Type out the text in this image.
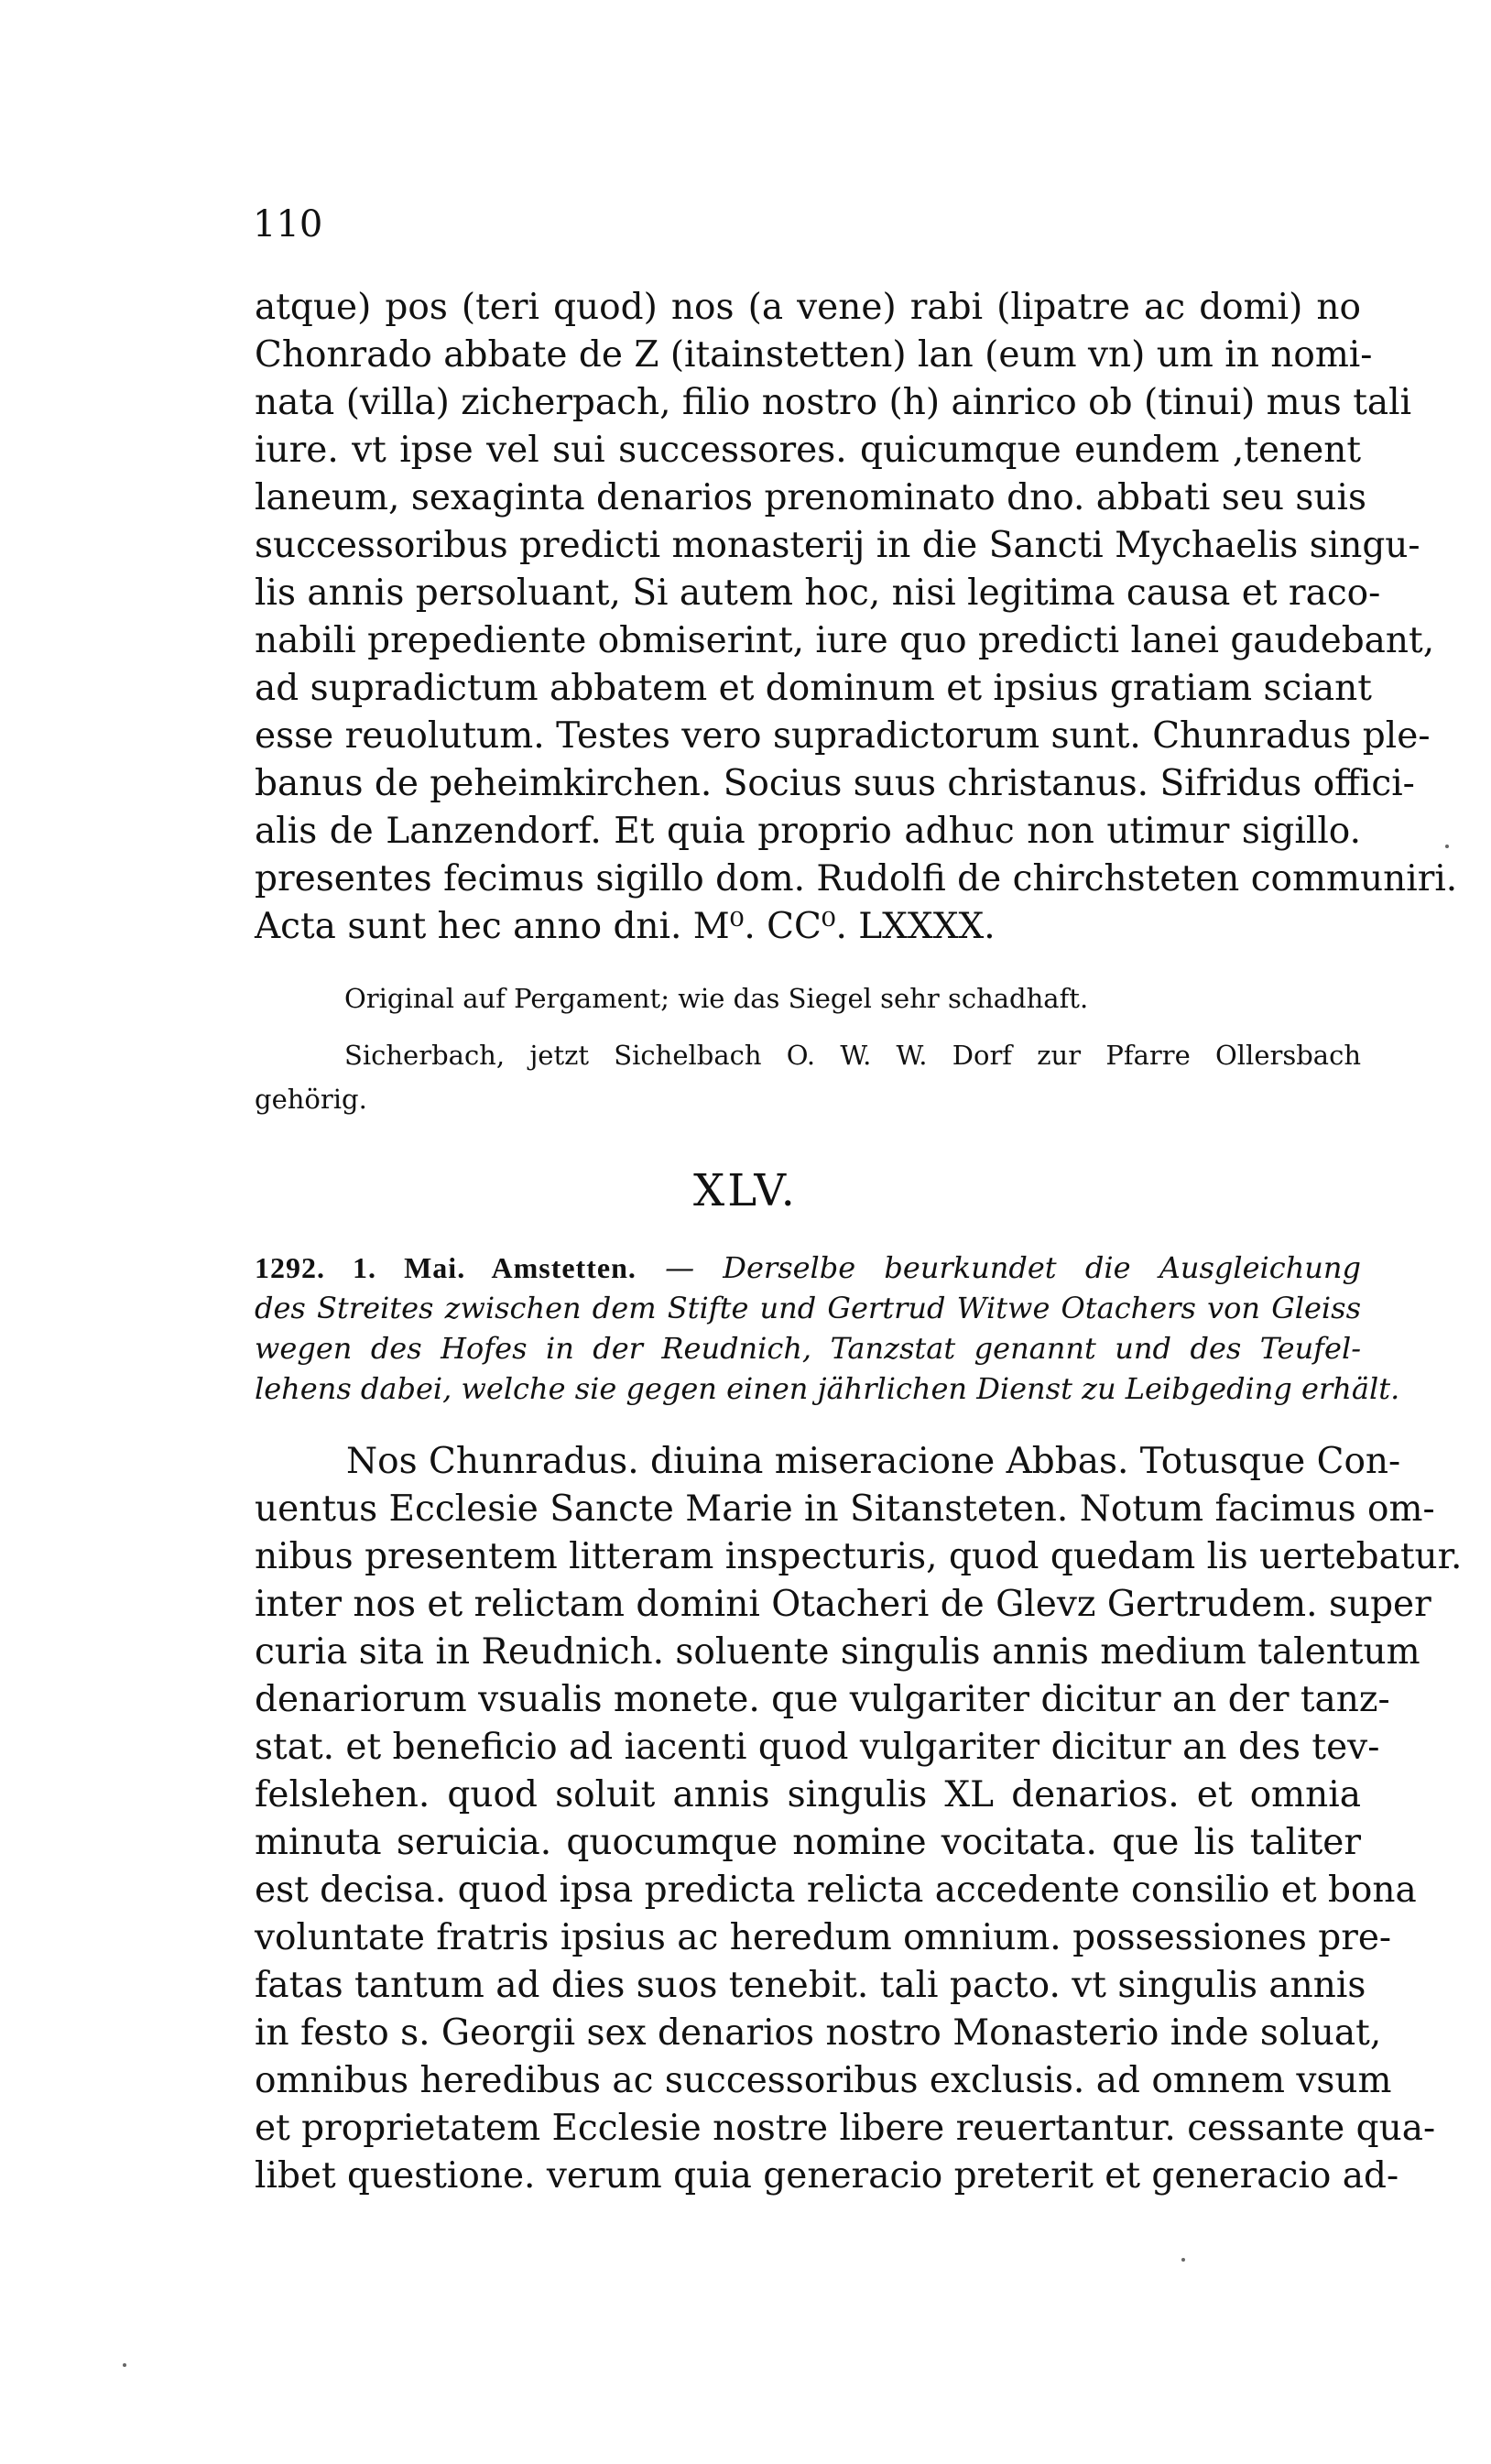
110
atque) pos (teri quod) nos (a vene) rabi (lipatre ac domi) no
Chonrado abbate de Z (itainstetten) lan (eum vn) um in nomi-
nata (villa) zicherpach, filio nostro (h) ainrico ob (tinui) mus tali
iure. vt ipse vel sui successores. quicumque eundem ,tenent
laneum, sexaginta denarios prenominato dno. abbati seu suis
successoribus predicti monasterij in die Sancti Mychaelis singu-
lis annis persoluant, Si autem hoc, nisi legitima causa et raco-
nabili prepediente obmiserint, iure quo predicti lanei gaudebant,
ad supradictum abbatem et dominum et ipsius gratiam sciant
esse reuolutum. Testes vero supradictorum sunt. Chunradus ple-
banus de peheimkirchen. Socius suus christanus. Sifridus offici-
alis de Lanzendorf. Et quia proprio adhuc non utimur sigillo.
presentes fecimus sigillo dom. Rudolfi de chirchsteten communiri.
Acta sunt hec anno dni. M⁰. CC⁰. LXXXX.
Original auf Pergament; wie das Siegel sehr schadhaft.
Sicherbach, jetzt Sichelbach O. W. W. Dorf zur Pfarre Ollersbach
gehörig.
XLV.
1292. 1. Mai. Amstetten. — Derselbe beurkundet die Ausgleichung
des Streites zwischen dem Stifte und Gertrud Witwe Otachers von Gleiss
wegen des Hofes in der Reudnich, Tanzstat genannt und des Teufel-
lehens dabei, welche sie gegen einen jährlichen Dienst zu Leibgeding erhält.
Nos Chunradus. diuina miseracione Abbas. Totusque Con-
uentus Ecclesie Sancte Marie in Sitansteten. Notum facimus om-
nibus presentem litteram inspecturis, quod quedam lis uertebatur.
inter nos et relictam domini Otacheri de Glevz Gertrudem. super
curia sita in Reudnich. soluente singulis annis medium talentum
denariorum vsualis monete. que vulgariter dicitur an der tanz-
stat. et beneficio ad iacenti quod vulgariter dicitur an des tev-
felslehen. quod soluit annis singulis XL denarios. et omnia
minuta seruicia. quocumque nomine vocitata. que lis taliter
est decisa. quod ipsa predicta relicta accedente consilio et bona
voluntate fratris ipsius ac heredum omnium. possessiones pre-
fatas tantum ad dies suos tenebit. tali pacto. vt singulis annis
in festo s. Georgii sex denarios nostro Monasterio inde soluat,
omnibus heredibus ac successoribus exclusis. ad omnem vsum
et proprietatem Ecclesie nostre libere reuertantur. cessante qua-
libet questione. verum quia generacio preterit et generacio ad-
